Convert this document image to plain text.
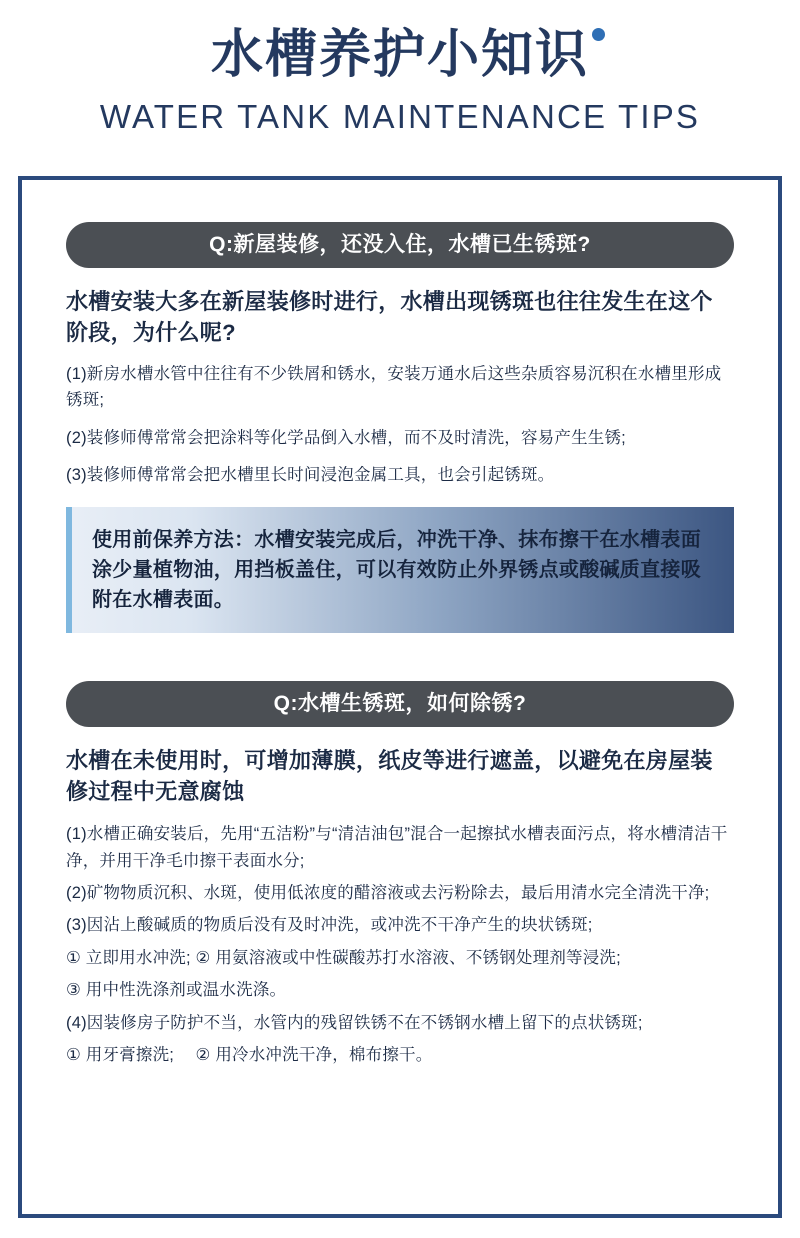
水槽养护小知识
WATER TANK MAINTENANCE TIPS
Q:新屋装修，还没入住，水槽已生锈斑?
水槽安装大多在新屋装修时进行，水槽出现锈斑也往往发生在这个阶段，为什么呢?
(1)新房水槽水管中往往有不少铁屑和锈水，安装万通水后这些杂质容易沉积在水槽里形成锈斑;
(2)装修师傅常常会把涂料等化学品倒入水槽，而不及时清洗，容易产生生锈;
(3)装修师傅常常会把水槽里长时间浸泡金属工具，也会引起锈斑。
使用前保养方法：水槽安装完成后，冲洗干净、抹布擦干在水槽表面涂少量植物油，用挡板盖住，可以有效防止外界锈点或酸碱质直接吸附在水槽表面。
Q:水槽生锈斑，如何除锈?
水槽在未使用时，可增加薄膜，纸皮等进行遮盖，以避免在房屋装修过程中无意腐蚀
(1)水槽正确安装后，先用“五洁粉”与“清洁油包”混合一起擦拭水槽表面污点，将水槽清洁干净，并用干净毛巾擦干表面水分;
(2)矿物物质沉积、水斑，使用低浓度的醋溶液或去污粉除去，最后用清水完全清洗干净;
(3)因沾上酸碱质的物质后没有及时冲洗，或冲洗不干净产生的块状锈斑;
① 立即用水冲洗; ② 用氨溶液或中性碳酸苏打水溶液、不锈钢处理剂等浸洗;
③ 用中性洗涤剂或温水洗涤。
(4)因装修房子防护不当，水管内的残留铁锈不在不锈钢水槽上留下的点状锈斑;
① 用牙膏擦洗;　 ② 用冷水冲洗干净，棉布擦干。
